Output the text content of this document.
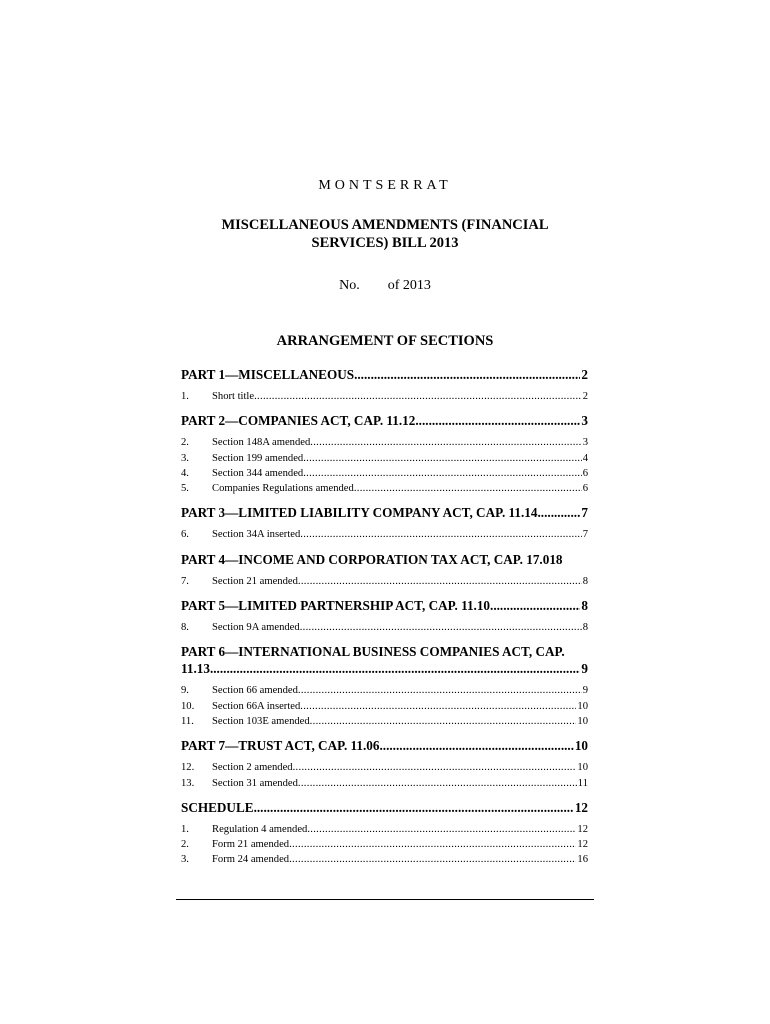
MONTSERRAT
MISCELLANEOUS AMENDMENTS (FINANCIAL
SERVICES) BILL 2013
No. of 2013
ARRANGEMENT OF SECTIONS
PART 1—MISCELLANEOUS .....	2
1.	Short title .....	2
PART 2—COMPANIES ACT, CAP. 11.12 .....	3
2.	Section 148A amended .....	3
3.	Section 199 amended .....	4
4.	Section 344 amended .....	6
5.	Companies Regulations amended .....	6
PART 3—LIMITED LIABILITY COMPANY ACT, CAP. 11.14 .....	7
6.	Section 34A inserted .....	7
PART 4—INCOME AND CORPORATION TAX ACT, CAP. 17.018
7.	Section 21 amended .....	8
PART 5—LIMITED PARTNERSHIP ACT, CAP. 11.10 .....	8
8.	Section 9A amended .....	8
PART 6—INTERNATIONAL BUSINESS COMPANIES ACT, CAP.
11.13 .....	9
9.	Section 66 amended .....	9
10.	Section 66A inserted .....	10
11.	Section 103E amended .....	10
PART 7—TRUST ACT, CAP. 11.06 .....	10
12.	Section 2 amended .....	10
13.	Section 31 amended .....	11
SCHEDULE .....	12
1.	Regulation 4 amended .....	12
2.	Form 21 amended .....	12
3.	Form 24 amended .....	16
